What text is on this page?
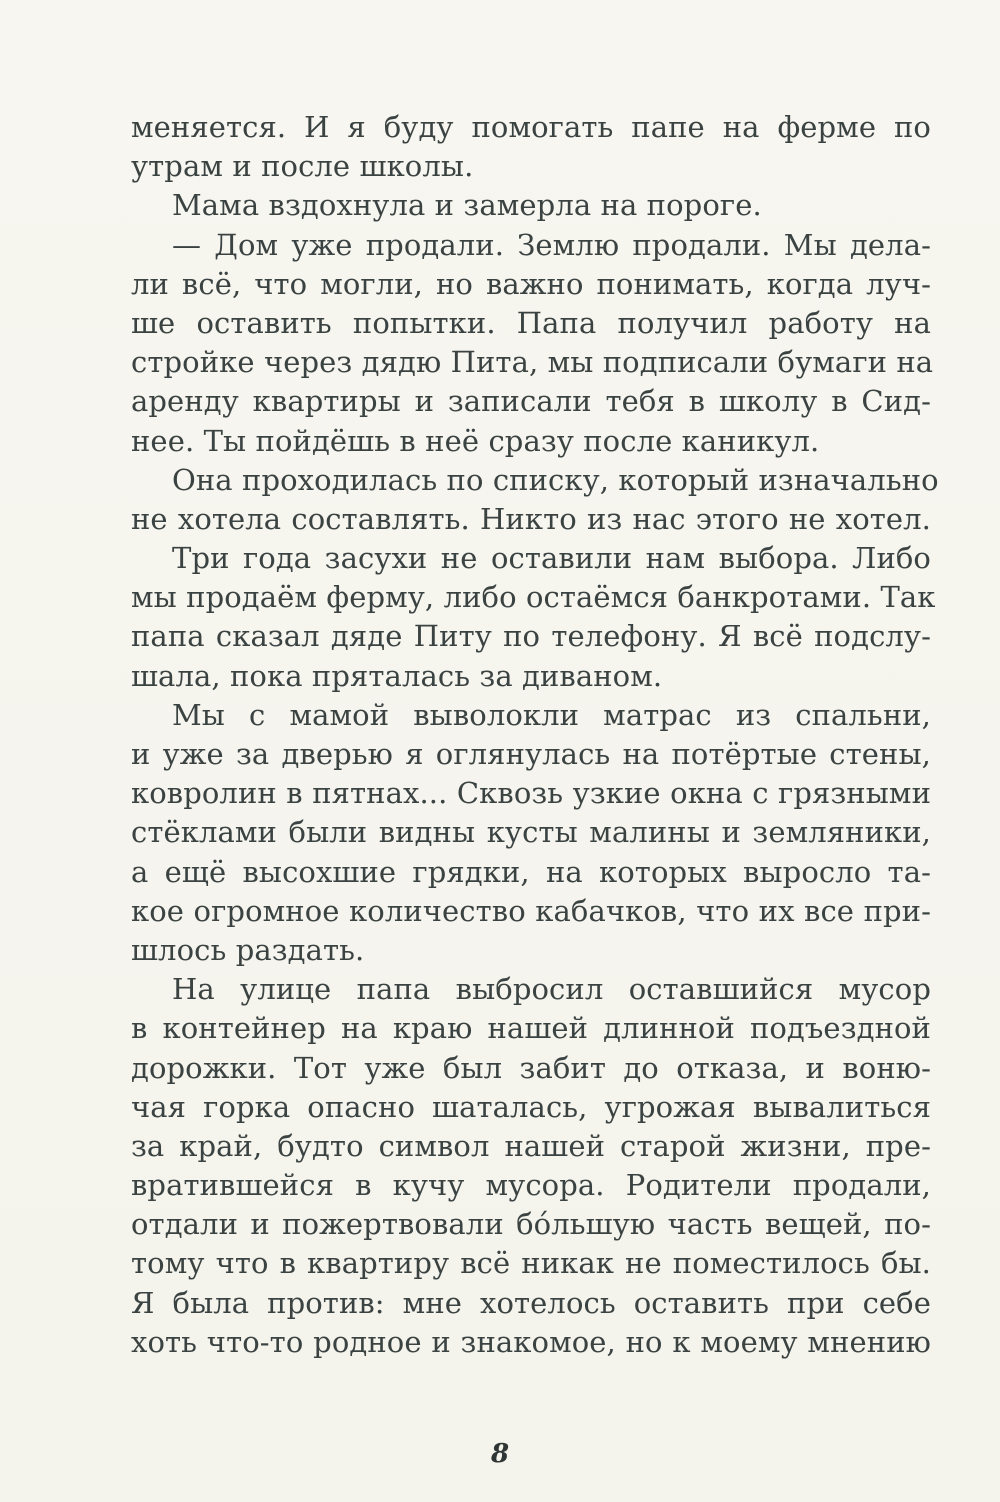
меняется. И я буду помогать папе на ферме по
утрам и после школы.
Мама вздохнула и замерла на пороге.
— Дом уже продали. Землю продали. Мы дела-
ли всё, что могли, но важно понимать, когда луч-
ше оставить попытки. Папа получил работу на
стройке через дядю Пита, мы подписали бумаги на
аренду квартиры и записали тебя в школу в Сид-
нее. Ты пойдёшь в неё сразу после каникул.
Она проходилась по списку, который изначально
не хотела составлять. Никто из нас этого не хотел.
Три года засухи не оставили нам выбора. Либо
мы продаём ферму, либо остаёмся банкротами. Так
папа сказал дяде Питу по телефону. Я всё подслу-
шала, пока пряталась за диваном.
Мы с мамой выволокли матрас из спальни,
и уже за дверью я оглянулась на потёртые стены,
ковролин в пятнах... Сквозь узкие окна с грязными
стёклами были видны кусты малины и земляники,
а ещё высохшие грядки, на которых выросло та-
кое огромное количество кабачков, что их все при-
шлось раздать.
На улице папа выбросил оставшийся мусор
в контейнер на краю нашей длинной подъездной
дорожки. Тот уже был забит до отказа, и воню-
чая горка опасно шаталась, угрожая вывалиться
за край, будто символ нашей старой жизни, пре-
вратившейся в кучу мусора. Родители продали,
отдали и пожертвовали бóльшую часть вещей, по-
тому что в квартиру всё никак не поместилось бы.
Я была против: мне хотелось оставить при себе
хоть что-то родное и знакомое, но к моему мнению
8
